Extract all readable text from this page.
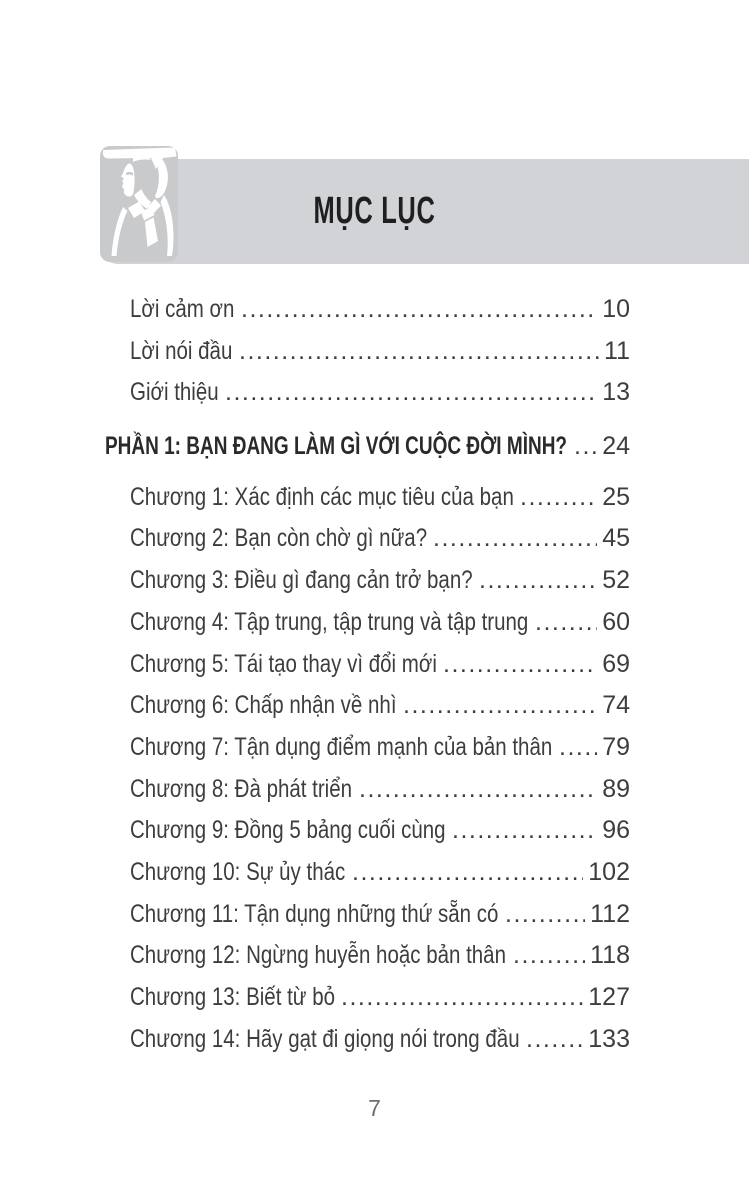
MỤC LỤC
Lời cảm ơn .....	10
Lời nói đầu .....	11
Giới thiệu .....	13
PHẦN 1: BẠN ĐANG LÀM GÌ VỚI CUỘC ĐỜI MÌNH? ..... 24
Chương 1: Xác định các mục tiêu của bạn .....	25
Chương 2: Bạn còn chờ gì nữa? .....	45
Chương 3: Điều gì đang cản trở bạn? .....	52
Chương 4: Tập trung, tập trung và tập trung .....	60
Chương 5: Tái tạo thay vì đổi mới .....	69
Chương 6: Chấp nhận về nhì .....	74
Chương 7: Tận dụng điểm mạnh của bản thân ..... 79
Chương 8: Đà phát triển .....	89
Chương 9: Đồng 5 bảng cuối cùng .....	96
Chương 10: Sự ủy thác .....	102
Chương 11: Tận dụng những thứ sẵn có .....	112
Chương 12: Ngừng huyễn hoặc bản thân .....	118
Chương 13: Biết từ bỏ .....	127
Chương 14: Hãy gạt đi giọng nói trong đầu .....	133
7
